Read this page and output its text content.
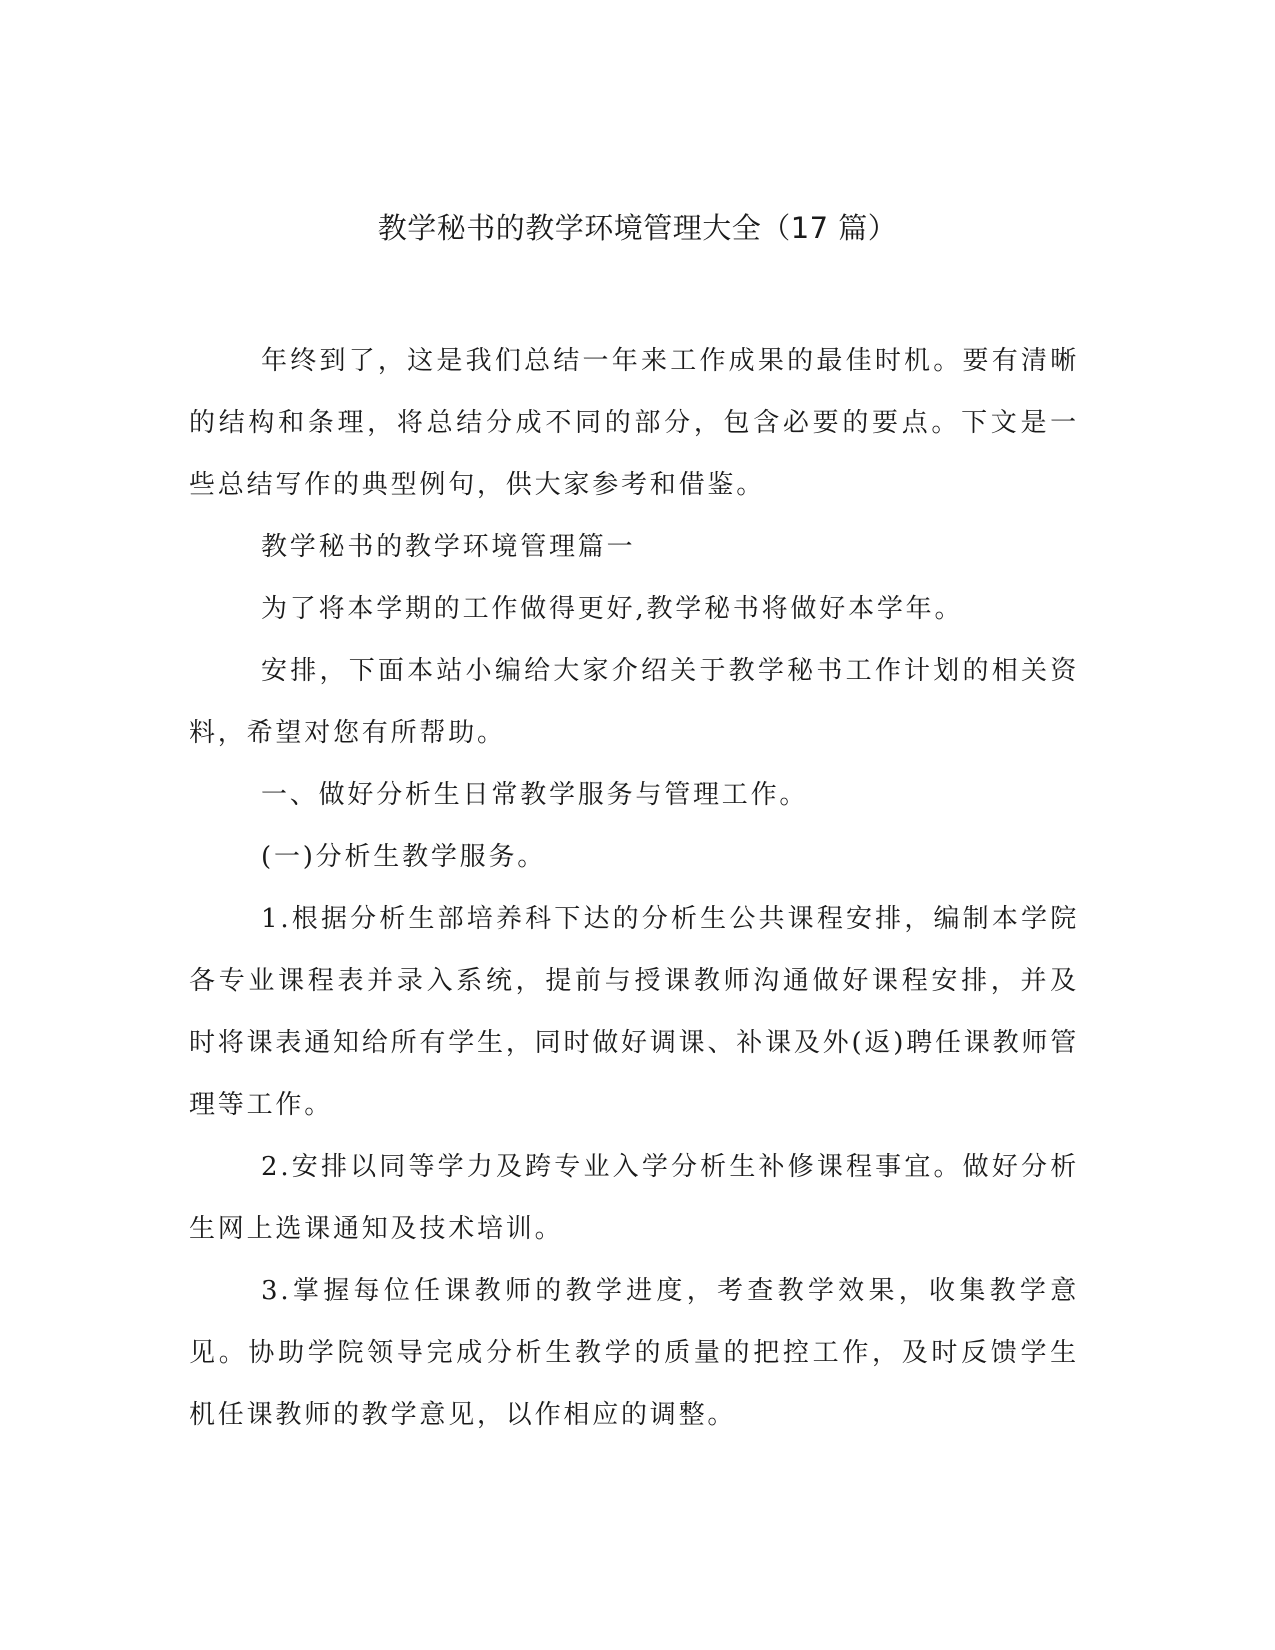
教学秘书的教学环境管理大全（17 篇）

年终到了，这是我们总结一年来工作成果的最佳时机。要有清晰的结构和条理，将总结分成不同的部分，包含必要的要点。下文是一些总结写作的典型例句，供大家参考和借鉴。

教学秘书的教学环境管理篇一

为了将本学期的工作做得更好,教学秘书将做好本学年。

安排，下面本站小编给大家介绍关于教学秘书工作计划的相关资料，希望对您有所帮助。

一、做好分析生日常教学服务与管理工作。

(一)分析生教学服务。

1.根据分析生部培养科下达的分析生公共课程安排，编制本学院各专业课程表并录入系统，提前与授课教师沟通做好课程安排，并及时将课表通知给所有学生，同时做好调课、补课及外(返)聘任课教师管理等工作。

2.安排以同等学力及跨专业入学分析生补修课程事宜。做好分析生网上选课通知及技术培训。

3.掌握每位任课教师的教学进度，考查教学效果，收集教学意见。协助学院领导完成分析生教学的质量的把控工作，及时反馈学生机任课教师的教学意见，以作相应的调整。
